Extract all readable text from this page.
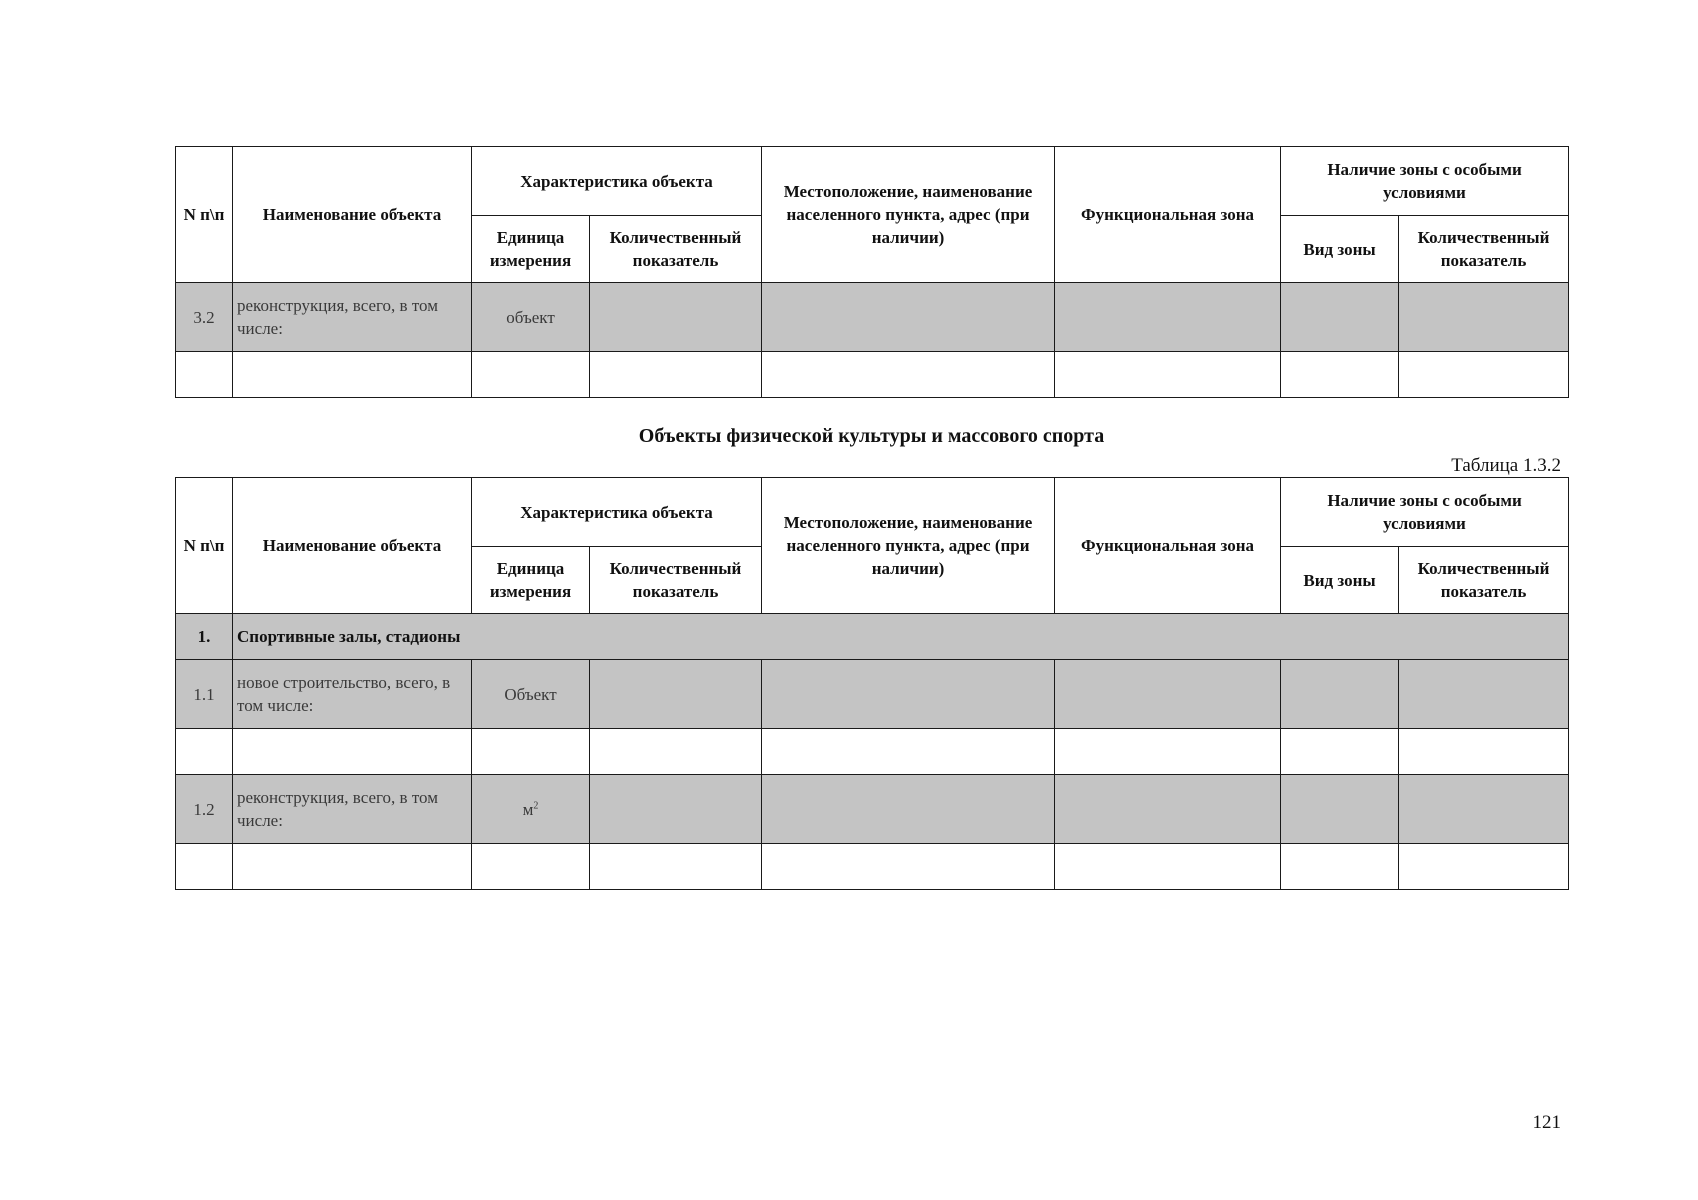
N п\п	Наименование объекта	Характеристика объекта		Местоположение, наименование населенного пункта, адрес (при наличии)	Функциональная зона	Наличие зоны с особыми условиями	
		Единица измерения	Количественный показатель			Вид зоны	Количественный показатель
3.2	реконструкция, всего, в том числе:	объект					

Объекты физической культуры и массового спорта
Таблица 1.3.2
N п\п	Наименование объекта	Характеристика объекта		Местоположение, наименование населенного пункта, адрес (при наличии)	Функциональная зона	Наличие зоны с особыми условиями	
		Единица измерения	Количественный показатель			Вид зоны	Количественный показатель
1.	Спортивные залы, стадионы						
1.1	новое строительство, всего, в том числе:	Объект					

1.2	реконструкция, всего, в том числе:	$м^2$					

121
